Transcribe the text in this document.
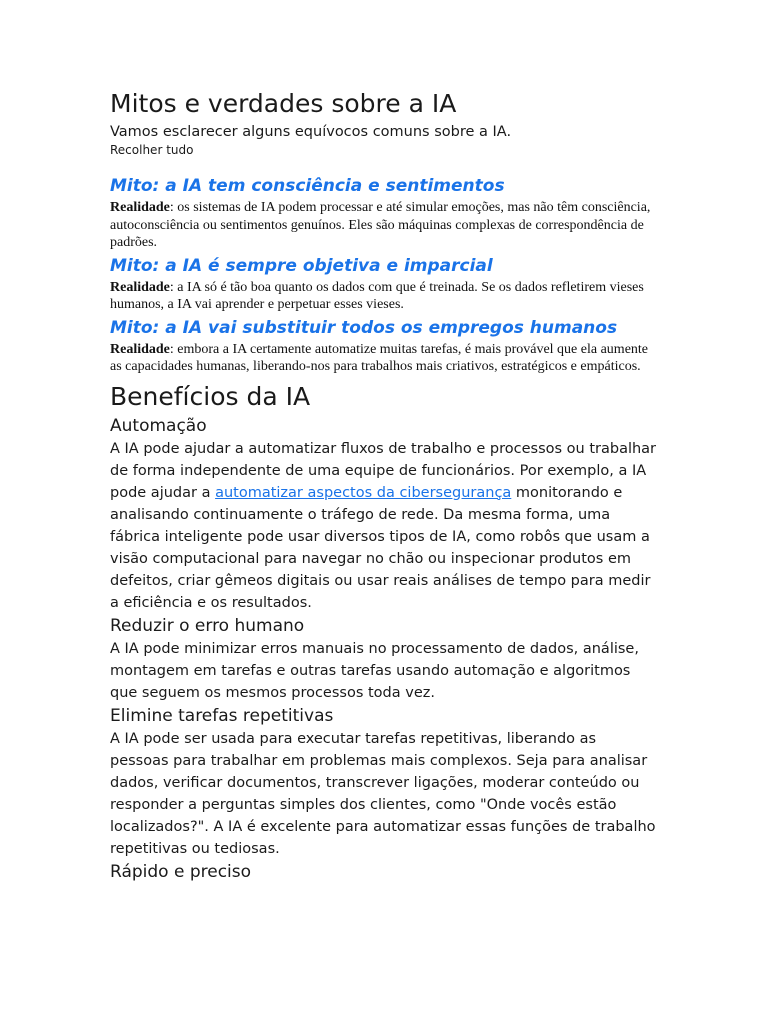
Mitos e verdades sobre a IA

Vamos esclarecer alguns equívocos comuns sobre a IA.

Recolher tudo

Mito: a IA tem consciência e sentimentos

Realidade: os sistemas de IA podem processar e até simular emoções, mas não têm consciência, autoconsciência ou sentimentos genuínos. Eles são máquinas complexas de correspondência de padrões.

Mito: a IA é sempre objetiva e imparcial

Realidade: a IA só é tão boa quanto os dados com que é treinada. Se os dados refletirem vieses humanos, a IA vai aprender e perpetuar esses vieses.

Mito: a IA vai substituir todos os empregos humanos

Realidade: embora a IA certamente automatize muitas tarefas, é mais provável que ela aumente as capacidades humanas, liberando-nos para trabalhos mais criativos, estratégicos e empáticos.

Benefícios da IA
Automação

A IA pode ajudar a automatizar fluxos de trabalho e processos ou trabalhar de forma independente de uma equipe de funcionários. Por exemplo, a IA pode ajudar a automatizar aspectos da cibersegurança monitorando e analisando continuamente o tráfego de rede. Da mesma forma, uma fábrica inteligente pode usar diversos tipos de IA, como robôs que usam a visão computacional para navegar no chão ou inspecionar produtos em defeitos, criar gêmeos digitais ou usar reais análises de tempo para medir a eficiência e os resultados.

Reduzir o erro humano

A IA pode minimizar erros manuais no processamento de dados, análise, montagem em tarefas e outras tarefas usando automação e algoritmos que seguem os mesmos processos toda vez.

Elimine tarefas repetitivas

A IA pode ser usada para executar tarefas repetitivas, liberando as pessoas para trabalhar em problemas mais complexos. Seja para analisar dados, verificar documentos, transcrever ligações, moderar conteúdo ou responder a perguntas simples dos clientes, como "Onde vocês estão localizados?". A IA é excelente para automatizar essas funções de trabalho repetitivas ou tediosas.

Rápido e preciso
